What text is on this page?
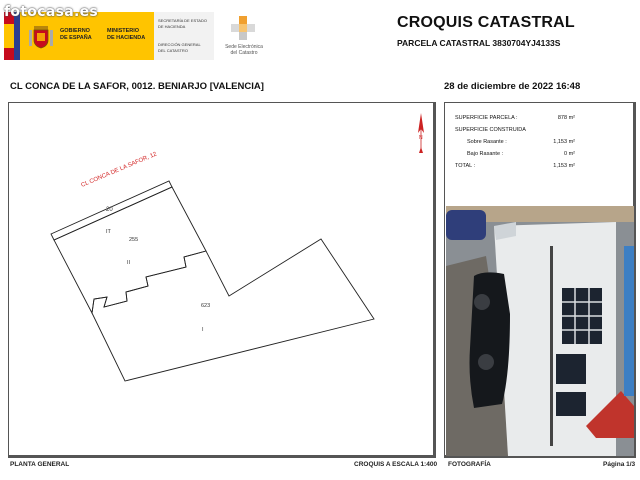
fotocasa.es
GOBIERNO
DE ESPAÑA
MINISTERIO
DE HACIENDA
SECRETARÍA DE ESTADO
DE HACIENDA
DIRECCIÓN GENERAL
DEL CATASTRO	Sede Electrónica
del Catastro
CROQUIS CATASTRAL
PARCELA CATASTRAL 3830704YJ4133S
CL CONCA DE LA SAFOR, 0012. BENIARJO [VALENCIA]	28 de diciembre de 2022 16:48
N
CL CONCA DE LA SAFOR, 12
20
IT
255
II
623
I
SUPERFICIE PARCELA :	878 m²
SUPERFICIE CONSTRUIDA
Sobre Rasante :	1,153 m²
Bajo Rasante :	0 m²
TOTAL :	1,153 m²
PLANTA GENERAL	CROQUIS A ESCALA 1:400 FOTOGRAFÍA	Página 1/3
